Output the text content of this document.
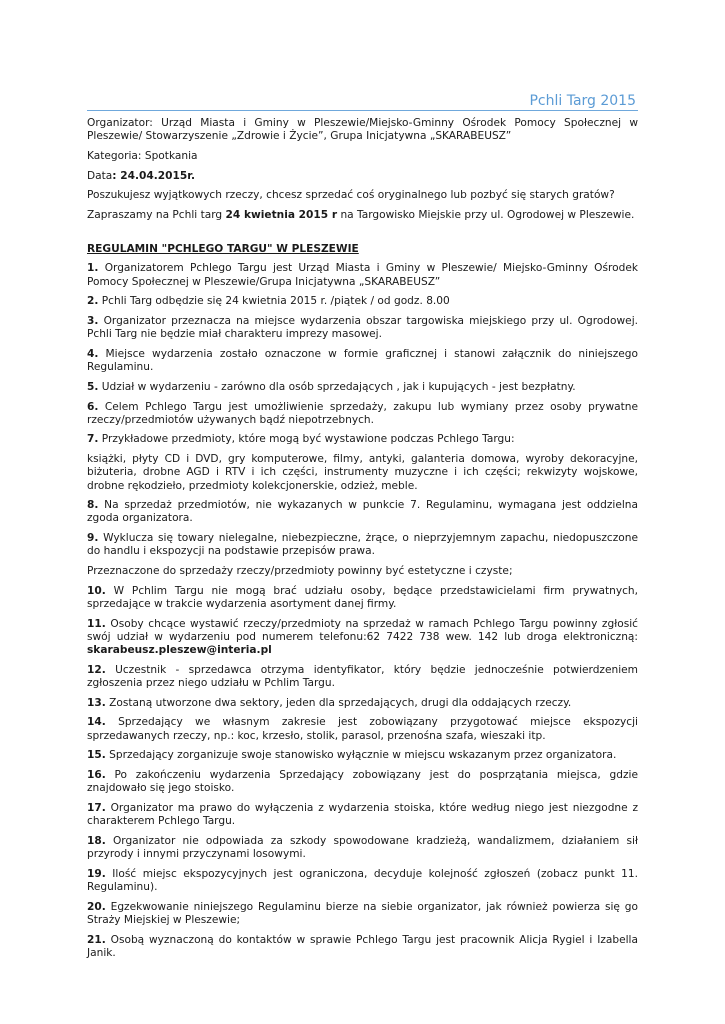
Pchli Targ 2015

Organizator: Urząd Miasta i Gminy w Pleszewie/Miejsko-Gminny Ośrodek Pomocy Społecznej w Pleszewie/ Stowarzyszenie „Zdrowie i Życie”, Grupa Inicjatywna „SKARABEUSZ”

Kategoria: Spotkania

Data: 24.04.2015r.

Poszukujesz wyjątkowych rzeczy, chcesz sprzedać coś oryginalnego lub pozbyć się starych gratów?

Zapraszamy na Pchli targ 24 kwietnia 2015 r na Targowisko Miejskie przy ul. Ogrodowej w Pleszewie.

REGULAMIN "PCHLEGO TARGU" W PLESZEWIE

1. Organizatorem Pchlego Targu jest Urząd Miasta i Gminy w Pleszewie/ Miejsko-Gminny Ośrodek Pomocy Społecznej w Pleszewie/Grupa Inicjatywna „SKARABEUSZ”

2. Pchli Targ odbędzie się 24 kwietnia 2015 r. /piątek / od godz. 8.00

3. Organizator przeznacza na miejsce wydarzenia obszar targowiska miejskiego przy ul. Ogrodowej. Pchli Targ nie będzie miał charakteru imprezy masowej.

4. Miejsce wydarzenia zostało oznaczone w formie graficznej i stanowi załącznik do niniejszego Regulaminu.

5. Udział w wydarzeniu - zarówno dla osób sprzedających , jak i kupujących - jest bezpłatny.

6. Celem Pchlego Targu jest umożliwienie sprzedaży, zakupu lub wymiany przez osoby prywatne rzeczy/przedmiotów używanych bądź niepotrzebnych.

7. Przykładowe przedmioty, które mogą być wystawione podczas Pchlego Targu:

książki, płyty CD i DVD, gry komputerowe, filmy, antyki, galanteria domowa, wyroby dekoracyjne, biżuteria, drobne AGD i RTV i ich części, instrumenty muzyczne i ich części; rekwizyty wojskowe, drobne rękodzieło, przedmioty kolekcjonerskie, odzież, meble.

8. Na sprzedaż przedmiotów, nie wykazanych w punkcie 7. Regulaminu, wymagana jest oddzielna zgoda organizatora.

9. Wyklucza się towary nielegalne, niebezpieczne, żrące, o nieprzyjemnym zapachu, niedopuszczone do handlu i ekspozycji na podstawie przepisów prawa.

Przeznaczone do sprzedaży rzeczy/przedmioty powinny być estetyczne i czyste;

10. W Pchlim Targu nie mogą brać udziału osoby, będące przedstawicielami firm prywatnych, sprzedające w trakcie wydarzenia asortyment danej firmy.

11. Osoby chcące wystawić rzeczy/przedmioty na sprzedaż w ramach Pchlego Targu powinny zgłosić swój udział w wydarzeniu pod numerem telefonu:62 7422 738 wew. 142 lub droga elektroniczną: skarabeusz.pleszew@interia.pl

12. Uczestnik - sprzedawca otrzyma identyfikator, który będzie jednocześnie potwierdzeniem zgłoszenia przez niego udziału w Pchlim Targu.

13. Zostaną utworzone dwa sektory, jeden dla sprzedających, drugi dla oddających rzeczy.

14. Sprzedający we własnym zakresie jest zobowiązany przygotować miejsce ekspozycji sprzedawanych rzeczy, np.: koc, krzesło, stolik, parasol, przenośna szafa, wieszaki itp.

15. Sprzedający zorganizuje swoje stanowisko wyłącznie w miejscu wskazanym przez organizatora.

16. Po zakończeniu wydarzenia Sprzedający zobowiązany jest do posprzątania miejsca, gdzie znajdowało się jego stoisko.

17. Organizator ma prawo do wyłączenia z wydarzenia stoiska, które według niego jest niezgodne z charakterem Pchlego Targu.

18. Organizator nie odpowiada za szkody spowodowane kradzieżą, wandalizmem, działaniem sił przyrody i innymi przyczynami losowymi.

19. Ilość miejsc ekspozycyjnych jest ograniczona, decyduje kolejność zgłoszeń (zobacz punkt 11. Regulaminu).

20. Egzekwowanie niniejszego Regulaminu bierze na siebie organizator, jak również powierza się go Straży Miejskiej w Pleszewie;

21. Osobą wyznaczoną do kontaktów w sprawie Pchlego Targu jest pracownik Alicja Rygiel i Izabella Janik.
